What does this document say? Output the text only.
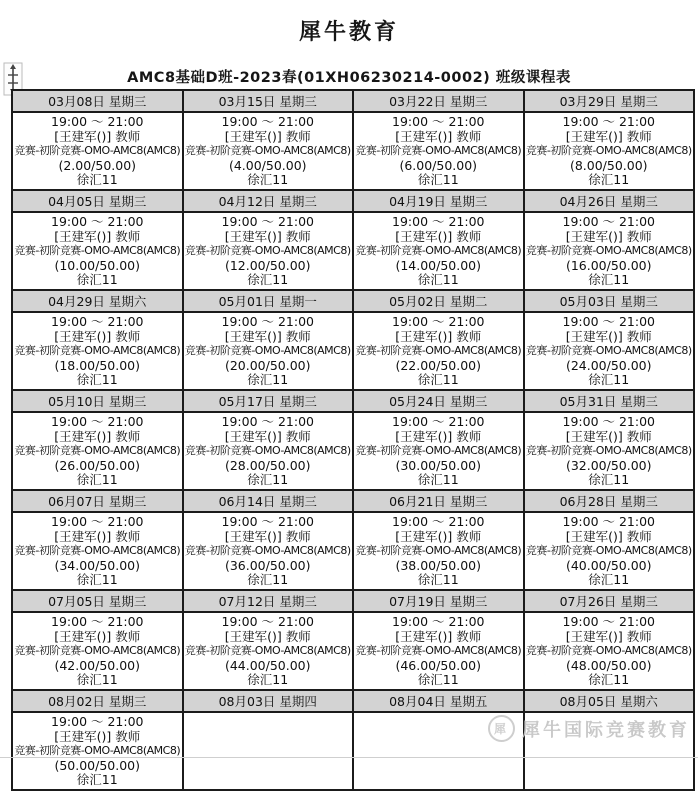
犀牛教育
AMC8基础D班-2023春(01XH06230214-0002) 班级课程表
03月08日 星期三	03月15日 星期三	03月22日 星期三	03月29日 星期三

19:00 ～ 21:00
[王建军()] 教师
竞赛-初阶竞赛-OMO-AMC8(AMC8)
(2.00/50.00)
徐汇11

19:00 ～ 21:00
[王建军()] 教师
竞赛-初阶竞赛-OMO-AMC8(AMC8)
(4.00/50.00)
徐汇11

19:00 ～ 21:00
[王建军()] 教师
竞赛-初阶竞赛-OMO-AMC8(AMC8)
(6.00/50.00)
徐汇11

19:00 ～ 21:00
[王建军()] 教师
竞赛-初阶竞赛-OMO-AMC8(AMC8)
(8.00/50.00)
徐汇11

04月05日 星期三	04月12日 星期三	04月19日 星期三	04月26日 星期三

19:00 ～ 21:00
[王建军()] 教师
竞赛-初阶竞赛-OMO-AMC8(AMC8)
(10.00/50.00)
徐汇11

19:00 ～ 21:00
[王建军()] 教师
竞赛-初阶竞赛-OMO-AMC8(AMC8)
(12.00/50.00)
徐汇11

19:00 ～ 21:00
[王建军()] 教师
竞赛-初阶竞赛-OMO-AMC8(AMC8)
(14.00/50.00)
徐汇11

19:00 ～ 21:00
[王建军()] 教师
竞赛-初阶竞赛-OMO-AMC8(AMC8)
(16.00/50.00)
徐汇11

04月29日 星期六	05月01日 星期一	05月02日 星期二	05月03日 星期三

19:00 ～ 21:00
[王建军()] 教师
竞赛-初阶竞赛-OMO-AMC8(AMC8)
(18.00/50.00)
徐汇11

19:00 ～ 21:00
[王建军()] 教师
竞赛-初阶竞赛-OMO-AMC8(AMC8)
(20.00/50.00)
徐汇11

19:00 ～ 21:00
[王建军()] 教师
竞赛-初阶竞赛-OMO-AMC8(AMC8)
(22.00/50.00)
徐汇11

19:00 ～ 21:00
[王建军()] 教师
竞赛-初阶竞赛-OMO-AMC8(AMC8)
(24.00/50.00)
徐汇11

05月10日 星期三	05月17日 星期三	05月24日 星期三	05月31日 星期三

19:00 ～ 21:00
[王建军()] 教师
竞赛-初阶竞赛-OMO-AMC8(AMC8)
(26.00/50.00)
徐汇11

19:00 ～ 21:00
[王建军()] 教师
竞赛-初阶竞赛-OMO-AMC8(AMC8)
(28.00/50.00)
徐汇11

19:00 ～ 21:00
[王建军()] 教师
竞赛-初阶竞赛-OMO-AMC8(AMC8)
(30.00/50.00)
徐汇11

19:00 ～ 21:00
[王建军()] 教师
竞赛-初阶竞赛-OMO-AMC8(AMC8)
(32.00/50.00)
徐汇11

06月07日 星期三	06月14日 星期三	06月21日 星期三	06月28日 星期三

19:00 ～ 21:00
[王建军()] 教师
竞赛-初阶竞赛-OMO-AMC8(AMC8)
(34.00/50.00)
徐汇11

19:00 ～ 21:00
[王建军()] 教师
竞赛-初阶竞赛-OMO-AMC8(AMC8)
(36.00/50.00)
徐汇11

19:00 ～ 21:00
[王建军()] 教师
竞赛-初阶竞赛-OMO-AMC8(AMC8)
(38.00/50.00)
徐汇11

19:00 ～ 21:00
[王建军()] 教师
竞赛-初阶竞赛-OMO-AMC8(AMC8)
(40.00/50.00)
徐汇11

07月05日 星期三	07月12日 星期三	07月19日 星期三	07月26日 星期三

19:00 ～ 21:00
[王建军()] 教师
竞赛-初阶竞赛-OMO-AMC8(AMC8)
(42.00/50.00)
徐汇11

19:00 ～ 21:00
[王建军()] 教师
竞赛-初阶竞赛-OMO-AMC8(AMC8)
(44.00/50.00)
徐汇11

19:00 ～ 21:00
[王建军()] 教师
竞赛-初阶竞赛-OMO-AMC8(AMC8)
(46.00/50.00)
徐汇11

19:00 ～ 21:00
[王建军()] 教师
竞赛-初阶竞赛-OMO-AMC8(AMC8)
(48.00/50.00)
徐汇11

08月02日 星期三	08月03日 星期四	08月04日 星期五	08月05日 星期六

19:00 ～ 21:00
[王建军()] 教师
竞赛-初阶竞赛-OMO-AMC8(AMC8)
(50.00/50.00)
徐汇11			

犀 犀牛国际竞赛教育
